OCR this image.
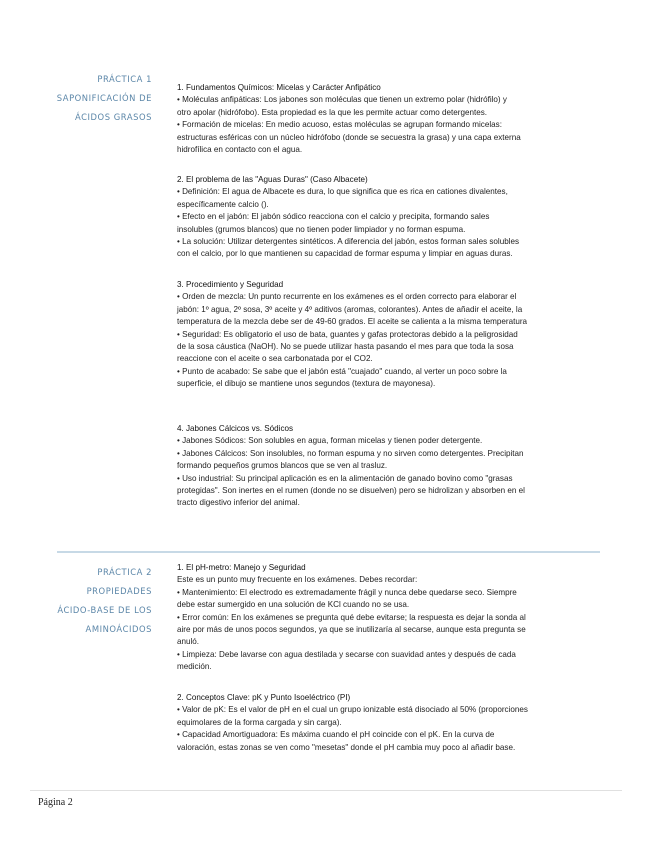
PRÁCTICA 1
SAPONIFICACIÓN DE
ÁCIDOS GRASOS
1. Fundamentos Químicos: Micelas y Carácter Anfipático
• Moléculas anfipáticas: Los jabones son moléculas que tienen un extremo polar (hidrófilo) y
otro apolar (hidrófobo). Esta propiedad es la que les permite actuar como detergentes.
• Formación de micelas: En medio acuoso, estas moléculas se agrupan formando micelas:
estructuras esféricas con un núcleo hidrófobo (donde se secuestra la grasa) y una capa externa
hidrofílica en contacto con el agua.
2. El problema de las "Aguas Duras" (Caso Albacete)
• Definición: El agua de Albacete es dura, lo que significa que es rica en cationes divalentes,
específicamente calcio ().
• Efecto en el jabón: El jabón sódico reacciona con el calcio y precipita, formando sales
insolubles (grumos blancos) que no tienen poder limpiador y no forman espuma.
• La solución: Utilizar detergentes sintéticos. A diferencia del jabón, estos forman sales solubles
con el calcio, por lo que mantienen su capacidad de formar espuma y limpiar en aguas duras.
3. Procedimiento y Seguridad
• Orden de mezcla: Un punto recurrente en los exámenes es el orden correcto para elaborar el
jabón: 1º agua, 2º sosa, 3º aceite y 4º aditivos (aromas, colorantes). Antes de añadir el aceite, la
temperatura de la mezcla debe ser de 49-60 grados. El aceite se calienta a la misma temperatura
• Seguridad: Es obligatorio el uso de bata, guantes y gafas protectoras debido a la peligrosidad
de la sosa cáustica (NaOH). No se puede utilizar hasta pasando el mes para que toda la sosa
reaccione con el aceite o sea carbonatada por el CO2.
• Punto de acabado: Se sabe que el jabón está "cuajado" cuando, al verter un poco sobre la
superficie, el dibujo se mantiene unos segundos (textura de mayonesa).
4. Jabones Cálcicos vs. Sódicos
• Jabones Sódicos: Son solubles en agua, forman micelas y tienen poder detergente.
• Jabones Cálcicos: Son insolubles, no forman espuma y no sirven como detergentes. Precipitan
formando pequeños grumos blancos que se ven al trasluz.
• Uso industrial: Su principal aplicación es en la alimentación de ganado bovino como "grasas
protegidas". Son inertes en el rumen (donde no se disuelven) pero se hidrolizan y absorben en el
tracto digestivo inferior del animal.
PRÁCTICA 2
PROPIEDADES
ÁCIDO-BASE DE LOS
AMINOÁCIDOS
1. El pH-metro: Manejo y Seguridad
Este es un punto muy frecuente en los exámenes. Debes recordar:
• Mantenimiento: El electrodo es extremadamente frágil y nunca debe quedarse seco. Siempre
debe estar sumergido en una solución de KCl cuando no se usa.
• Error común: En los exámenes se pregunta qué debe evitarse; la respuesta es dejar la sonda al
aire por más de unos pocos segundos, ya que se inutilizaría al secarse, aunque esta pregunta se
anuló.
• Limpieza: Debe lavarse con agua destilada y secarse con suavidad antes y después de cada
medición.
2. Conceptos Clave: pK y Punto Isoeléctrico (PI)
• Valor de pK: Es el valor de pH en el cual un grupo ionizable está disociado al 50% (proporciones
equimolares de la forma cargada y sin carga).
• Capacidad Amortiguadora: Es máxima cuando el pH coincide con el pK. En la curva de
valoración, estas zonas se ven como "mesetas" donde el pH cambia muy poco al añadir base.
Página 2
